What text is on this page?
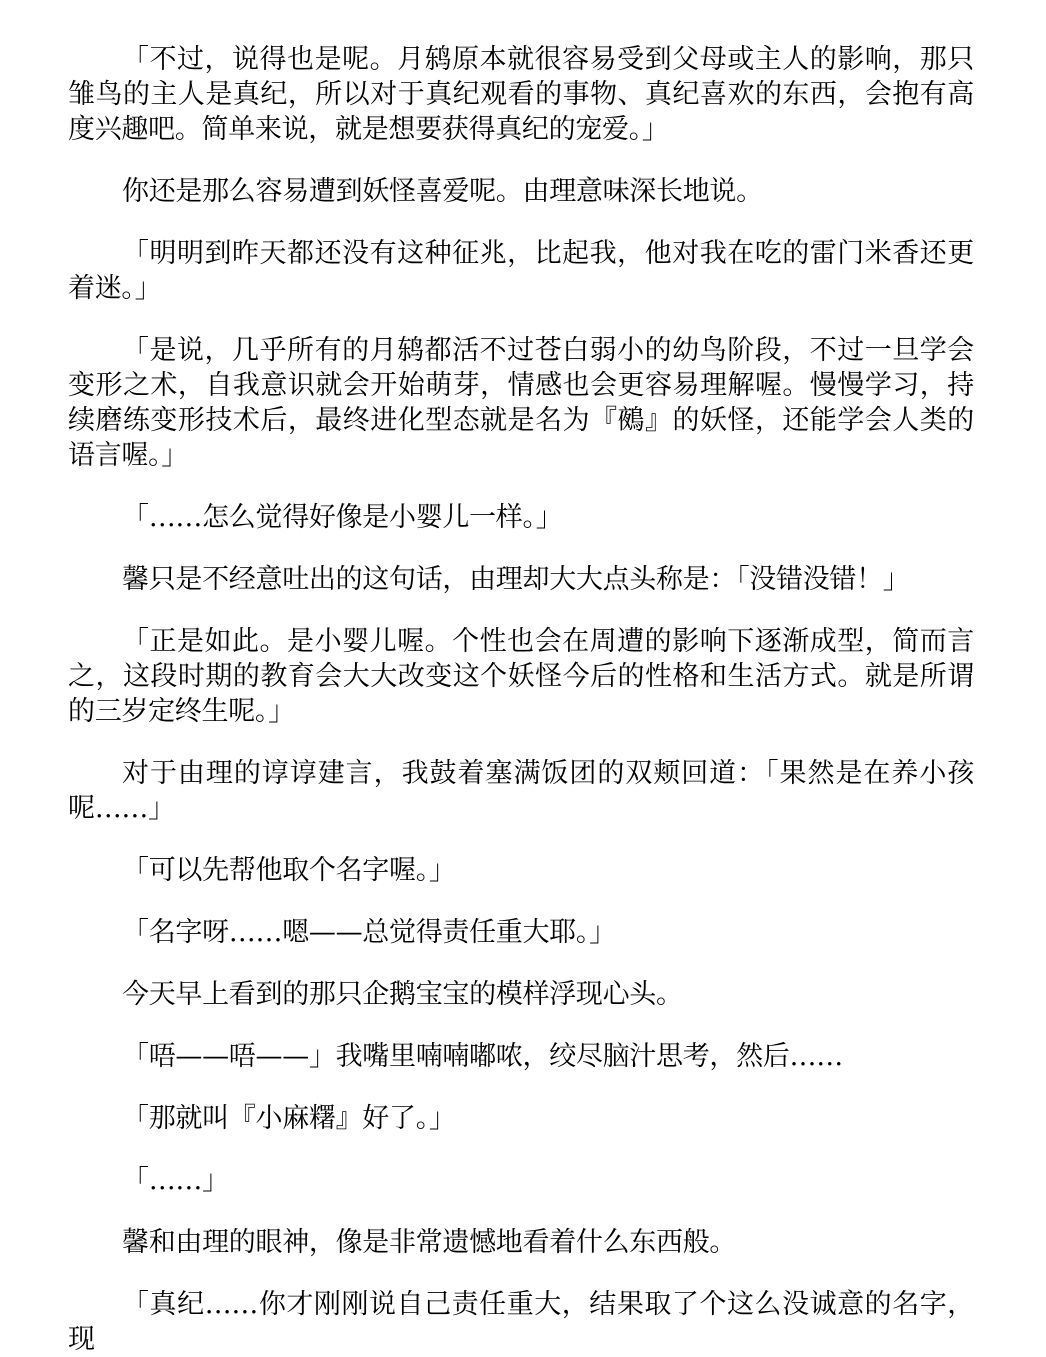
「不过，说得也是呢。月鸫原本就很容易受到父母或主人的影响，那只雏鸟的主人是真纪，所以对于真纪观看的事物、真纪喜欢的东西，会抱有高度兴趣吧。简单来说，就是想要获得真纪的宠爱。」

你还是那么容易遭到妖怪喜爱呢。由理意味深长地说。

「明明到昨天都还没有这种征兆，比起我，他对我在吃的雷门米香还更着迷。」

「是说，几乎所有的月鸫都活不过苍白弱小的幼鸟阶段，不过一旦学会变形之术，自我意识就会开始萌芽，情感也会更容易理解喔。慢慢学习，持续磨练变形技术后，最终进化型态就是名为『鵺』的妖怪，还能学会人类的语言喔。」

「……怎么觉得好像是小婴儿一样。」

馨只是不经意吐出的这句话，由理却大大点头称是：「没错没错！」

「正是如此。是小婴儿喔。个性也会在周遭的影响下逐渐成型，简而言之，这段时期的教育会大大改变这个妖怪今后的性格和生活方式。就是所谓的三岁定终生呢。」

对于由理的谆谆建言，我鼓着塞满饭团的双颊回道：「果然是在养小孩呢……」

「可以先帮他取个名字喔。」

「名字呀……嗯——总觉得责任重大耶。」

今天早上看到的那只企鹅宝宝的模样浮现心头。

「唔——唔——」我嘴里喃喃嘟哝，绞尽脑汁思考，然后……

「那就叫『小麻糬』好了。」

「……」

馨和由理的眼神，像是非常遗憾地看着什么东西般。

「真纪……你才刚刚说自己责任重大，结果取了个这么没诚意的名字，现
